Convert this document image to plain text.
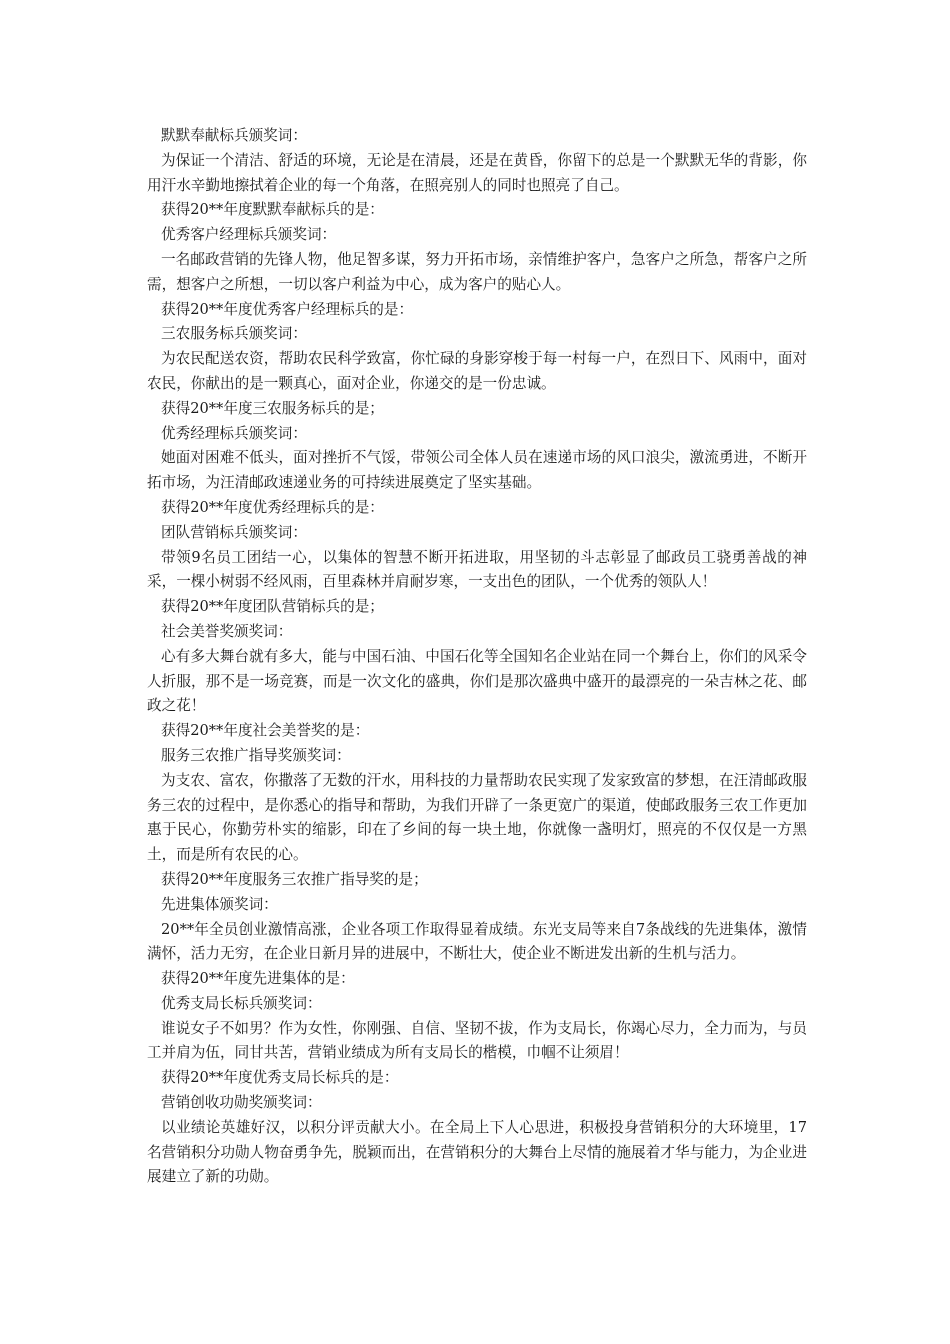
默默奉献标兵颁奖词：

为保证一个清洁、舒适的环境，无论是在清晨，还是在黄昏，你留下的总是一个默默无华的背影，你用汗水辛勤地擦拭着企业的每一个角落，在照亮别人的同时也照亮了自己。

获得20**年度默默奉献标兵的是：

优秀客户经理标兵颁奖词：

一名邮政营销的先锋人物，他足智多谋，努力开拓市场，亲情维护客户，急客户之所急，帮客户之所需，想客户之所想，一切以客户利益为中心，成为客户的贴心人。

获得20**年度优秀客户经理标兵的是：

三农服务标兵颁奖词：

为农民配送农资，帮助农民科学致富，你忙碌的身影穿梭于每一村每一户，在烈日下、风雨中，面对农民，你献出的是一颗真心，面对企业，你递交的是一份忠诚。

获得20**年度三农服务标兵的是；

优秀经理标兵颁奖词：

她面对困难不低头，面对挫折不气馁，带领公司全体人员在速递市场的风口浪尖，激流勇进，不断开拓市场，为汪清邮政速递业务的可持续进展奠定了坚实基础。

获得20**年度优秀经理标兵的是：

团队营销标兵颁奖词：

带领9名员工团结一心，以集体的智慧不断开拓进取，用坚韧的斗志彰显了邮政员工骁勇善战的神采，一棵小树弱不经风雨，百里森林并肩耐岁寒，一支出色的团队，一个优秀的领队人！

获得20**年度团队营销标兵的是；

社会美誉奖颁奖词：

心有多大舞台就有多大，能与中国石油、中国石化等全国知名企业站在同一个舞台上，你们的风采令人折服，那不是一场竞赛，而是一次文化的盛典，你们是那次盛典中盛开的最漂亮的一朵吉林之花、邮政之花！

获得20**年度社会美誉奖的是：

服务三农推广指导奖颁奖词：

为支农、富农，你撒落了无数的汗水，用科技的力量帮助农民实现了发家致富的梦想，在汪清邮政服务三农的过程中，是你悉心的指导和帮助，为我们开辟了一条更宽广的渠道，使邮政服务三农工作更加惠于民心，你勤劳朴实的缩影，印在了乡间的每一块土地，你就像一盏明灯，照亮的不仅仅是一方黑土，而是所有农民的心。

获得20**年度服务三农推广指导奖的是；

先进集体颁奖词：

20**年全员创业激情高涨，企业各项工作取得显着成绩。东光支局等来自7条战线的先进集体，激情满怀，活力无穷，在企业日新月异的进展中，不断壮大，使企业不断进发出新的生机与活力。

获得20**年度先进集体的是：

优秀支局长标兵颁奖词：

谁说女子不如男？作为女性，你刚强、自信、坚韧不拔，作为支局长，你竭心尽力，全力而为，与员工并肩为伍，同甘共苦，营销业绩成为所有支局长的楷模，巾帼不让须眉！

获得20**年度优秀支局长标兵的是：

营销创收功勋奖颁奖词：

以业绩论英雄好汉，以积分评贡献大小。在全局上下人心思进，积极投身营销积分的大环境里，17名营销积分功勋人物奋勇争先，脱颖而出，在营销积分的大舞台上尽情的施展着才华与能力，为企业进展建立了新的功勋。
